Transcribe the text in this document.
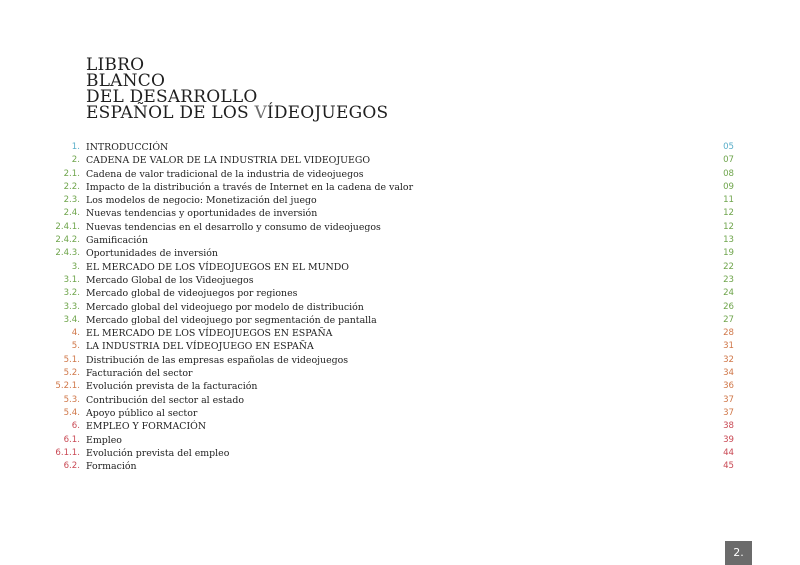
LIBRO
BLANCO
DEL DESARROLLO
ESPAÑOL DE LOS VÍDEOJUEGOS
1. INTRODUCCIÓN	05
2. CADENA DE VALOR DE LA INDUSTRIA DEL VIDEOJUEGO	07
2.1. Cadena de valor tradicional de la industria de videojuegos	08
2.2. Impacto de la distribución a través de Internet en la cadena de valor	09
2.3. Los modelos de negocio: Monetización del juego	11
2.4. Nuevas tendencias y oportunidades de inversión	12
2.4.1. Nuevas tendencias en el desarrollo y consumo de videojuegos	12
2.4.2. Gamificación	13
2.4.3. Oportunidades de inversión	19
3. EL MERCADO DE LOS VÍDEOJUEGOS EN EL MUNDO	22
3.1. Mercado Global de los Videojuegos	23
3.2. Mercado global de videojuegos por regiones	24
3.3. Mercado global del videojuego por modelo de distribución	26
3.4. Mercado global del videojuego por segmentación de pantalla	27
4. EL MERCADO DE LOS VÍDEOJUEGOS EN ESPAÑA	28
5. LA INDUSTRIA DEL VÍDEOJUEGO EN ESPAÑA	31
5.1. Distribución de las empresas españolas de videojuegos	32
5.2. Facturación del sector	34
5.2.1. Evolución prevista de la facturación	36
5.3. Contribución del sector al estado	37
5.4. Apoyo público al sector	37
6. EMPLEO Y FORMACIÓN	38
6.1. Empleo	39
6.1.1. Evolución prevista del empleo	44
6.2. Formación	45
2.
